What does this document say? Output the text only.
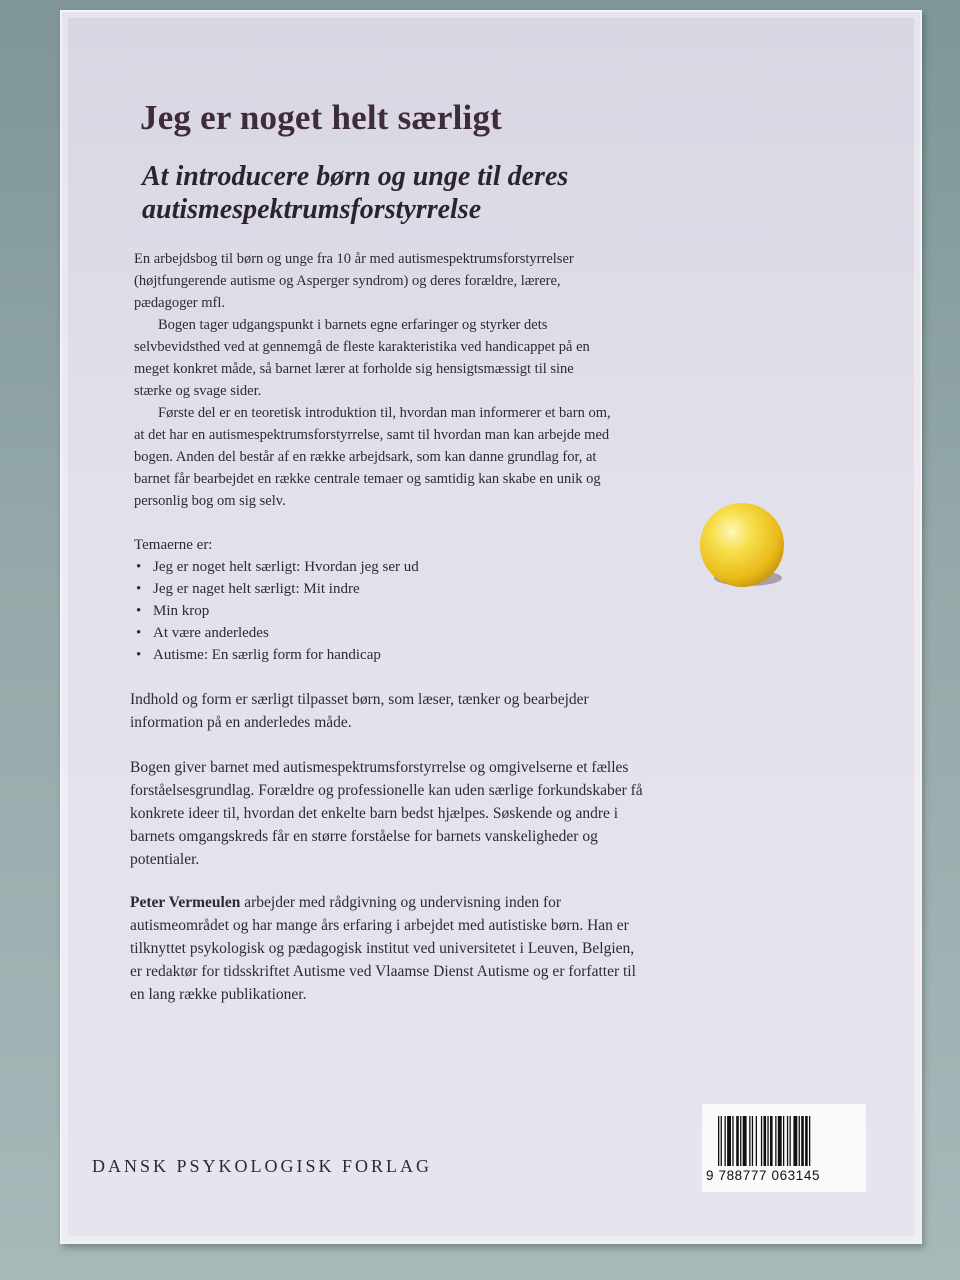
Jeg er noget helt særligt
At introducere børn og unge til deres autismespektrumsforstyrrelse

En arbejdsbog til børn og unge fra 10 år med autismespektrumsforstyrrelser (højtfungerende autisme og Asperger syndrom) og deres forældre, lærere, pædagoger mfl.

Bogen tager udgangspunkt i barnets egne erfaringer og styrker dets selvbevidsthed ved at gennemgå de fleste karakteristika ved handicappet på en meget konkret måde, så barnet lærer at forholde sig hensigtsmæssigt til sine stærke og svage sider.

Første del er en teoretisk introduktion til, hvordan man informerer et barn om, at det har en autismespektrumsforstyrrelse, samt til hvordan man kan arbejde med bogen. Anden del består af en række arbejdsark, som kan danne grundlag for, at barnet får bearbejdet en række centrale temaer og samtidig kan skabe en unik og personlig bog om sig selv.

Temaerne er:
• Jeg er noget helt særligt: Hvordan jeg ser ud
• Jeg er naget helt særligt: Mit indre
• Min krop
• At være anderledes
• Autisme: En særlig form for handicap

Indhold og form er særligt tilpasset børn, som læser, tænker og bearbejder information på en anderledes måde.

Bogen giver barnet med autismespektrumsforstyrrelse og omgivelserne et fælles forståelsesgrundlag. Forældre og professionelle kan uden særlige forkundskaber få konkrete ideer til, hvordan det enkelte barn bedst hjælpes. Søskende og andre i barnets omgangskreds får en større forståelse for barnets vanskeligheder og potentialer.

Peter Vermeulen arbejder med rådgivning og undervisning inden for autismeområdet og har mange års erfaring i arbejdet med autistiske børn. Han er tilknyttet psykologisk og pædagogisk institut ved universitetet i Leuven, Belgien, er redaktør for tidsskriftet Autisme ved Vlaamse Dienst Autisme og er forfatter til en lang række publikationer.

DANSK PSYKOLOGISK FORLAG	9 788777 063145
